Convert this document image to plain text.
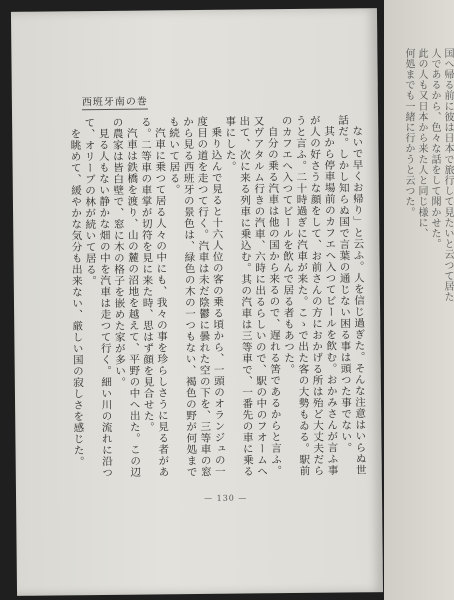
西班牙南の巻

ないで早くお帰り」と云ふ。人を信じ過ぎた。そんな注意はいらぬ世話だ。しかし知らぬ国で言葉の通じない困る事は頭つた事でない。

其から停車場前のカフエへ入つてビールを飲む。おかみさんが言ふ事が人の好さうな顔をして、お前さんの方におかげる所は殆ど大丈夫だらうと言ふ。二十時過ぎに汽車が来た。こゝで出た客の大勢もゐる。駅前のカフエへ入つてビールを飲んで居る者もあつた。

自分の乗る汽車は他の国から来るので、遅れる筈であるからと言ふ。又ヴアタルム行きの汽車、六時に出るらしいので、駅の中のフオームへ出て、次に来る列車に乗込む。其の汽車は三等車で、一番先の車に乗る事にした。

乗り込んで見ると十六人位の客の乗る頃から、一頭のオランジュの一度目の道を走つて行く。汽車は未だ陰鬱に曇れた空の下を、三等車の窓から見る西班牙の景色は、緑色の木の一つもない、褐色の野が何処までも続いて居る。

汽車に乗つて居る人々の中にも、我々の事を珍らしさうに見る者がある。二等車の車掌が切符を見に来た時、思はず顔を見合せた。

汽車は鉄橋を渡り、山の麓の沼地を越えて、平野の中へ出た。この辺の農家は皆白壁で、窓に木の格子を嵌めた家が多い。

見る人もない静かな畑の中を汽車は走つて行く。細い川の流れに沿つて、オリーブの林が続いて居る。

を眺めて、緩やかな気分も出来ない、厳しい国の寂しさを感じた。

— 130 —

国へ帰る前に彼は日本で旅行して見たいと云つて居た

人であるから、色々な話をして聞かせた。

此の人も又日本から来た人と同じ様に、

何処までも一緒に行かうと云つた。
